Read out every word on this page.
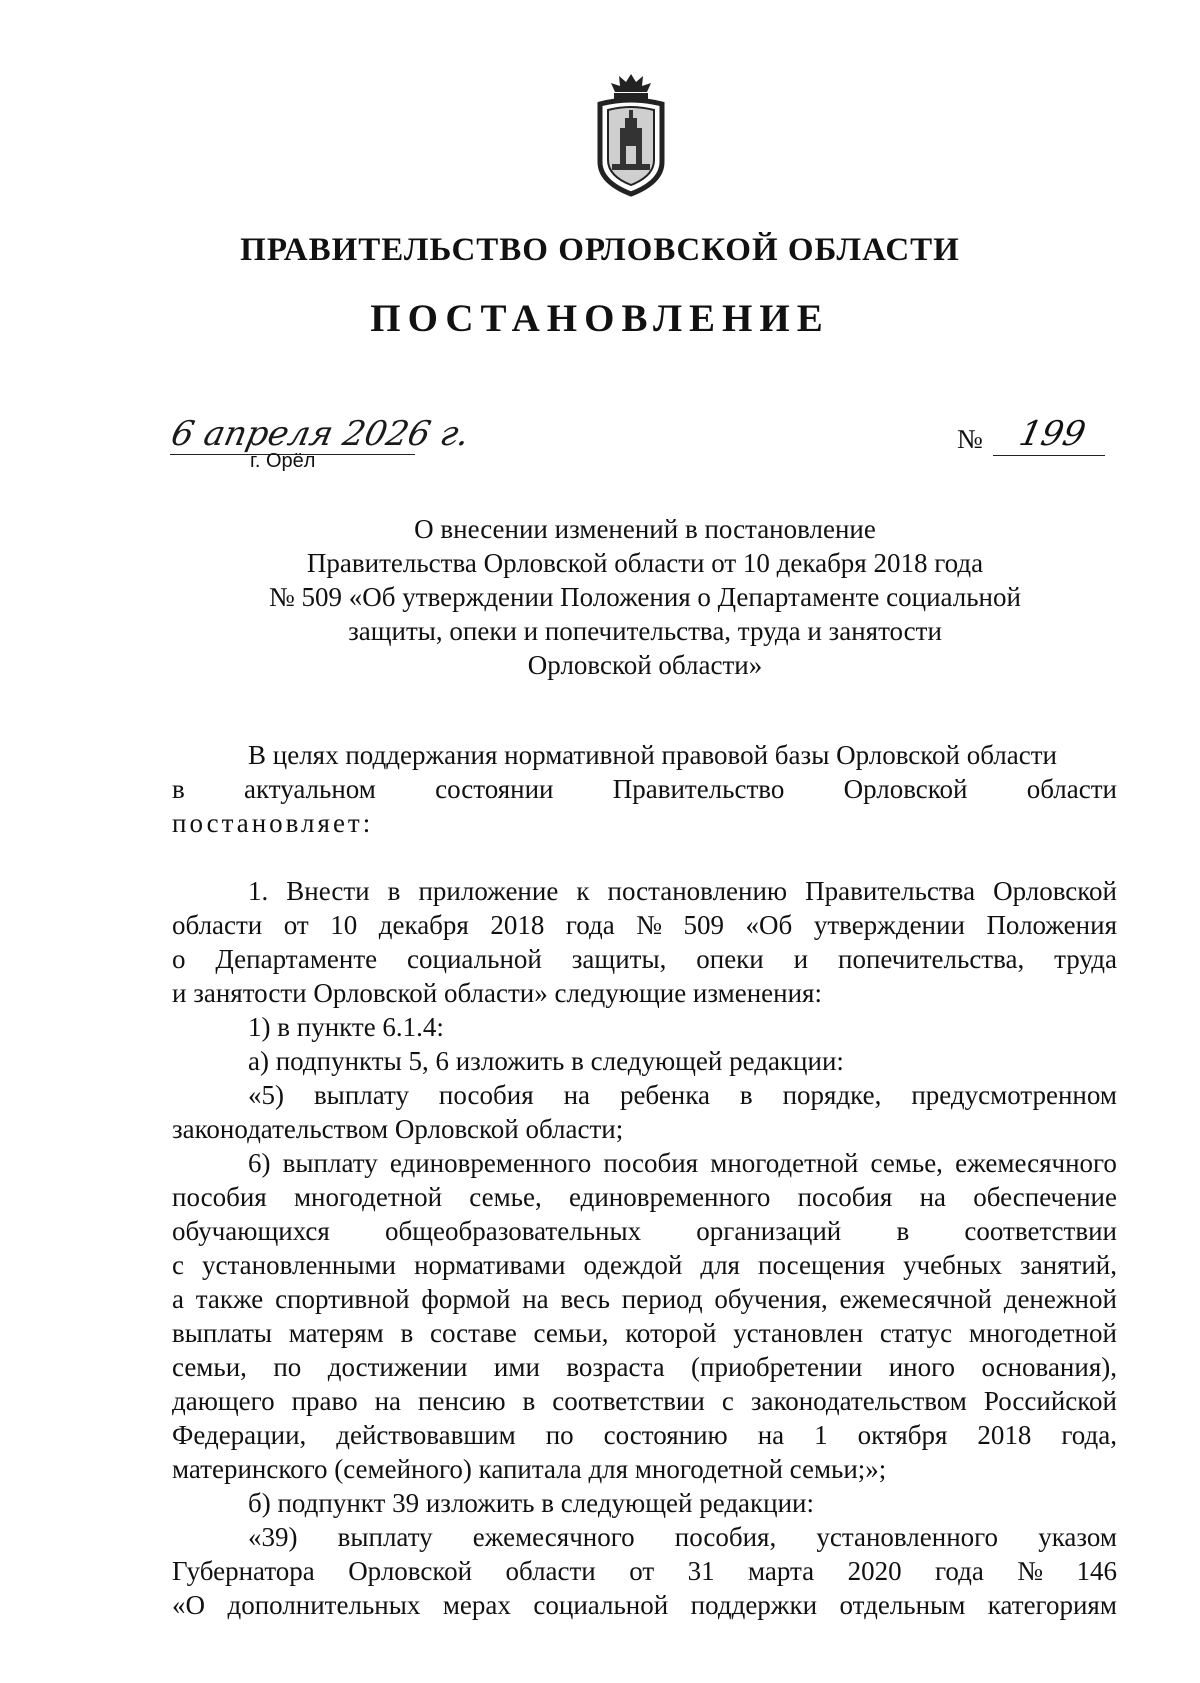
ПРАВИТЕЛЬСТВО ОРЛОВСКОЙ ОБЛАСТИ
ПОСТАНОВЛЕНИЕ
6 апреля 2026 г.
г. Орёл
№ 199
О внесении изменений в постановление
Правительства Орловской области от 10 декабря 2018 года
№ 509 «Об утверждении Положения о Департаменте социальной
защиты, опеки и попечительства, труда и занятости
Орловской области»
В целях поддержания нормативной правовой базы Орловской области
в актуальном состоянии Правительство Орловской области
постановляет:
1. Внести в приложение к постановлению Правительства Орловской
области от 10 декабря 2018 года № 509 «Об утверждении Положения
о Департаменте социальной защиты, опеки и попечительства, труда
и занятости Орловской области» следующие изменения:
1) в пункте 6.1.4:
а) подпункты 5, 6 изложить в следующей редакции:
«5) выплату пособия на ребенка в порядке, предусмотренном
законодательством Орловской области;
6) выплату единовременного пособия многодетной семье, ежемесячного
пособия многодетной семье, единовременного пособия на обеспечение
обучающихся общеобразовательных организаций в соответствии
с установленными нормативами одеждой для посещения учебных занятий,
а также спортивной формой на весь период обучения, ежемесячной денежной
выплаты матерям в составе семьи, которой установлен статус многодетной
семьи, по достижении ими возраста (приобретении иного основания),
дающего право на пенсию в соответствии с законодательством Российской
Федерации, действовавшим по состоянию на 1 октября 2018 года,
материнского (семейного) капитала для многодетной семьи;»;
б) подпункт 39 изложить в следующей редакции:
«39) выплату ежемесячного пособия, установленного указом
Губернатора Орловской области от 31 марта 2020 года № 146
«О дополнительных мерах социальной поддержки отдельным категориям
